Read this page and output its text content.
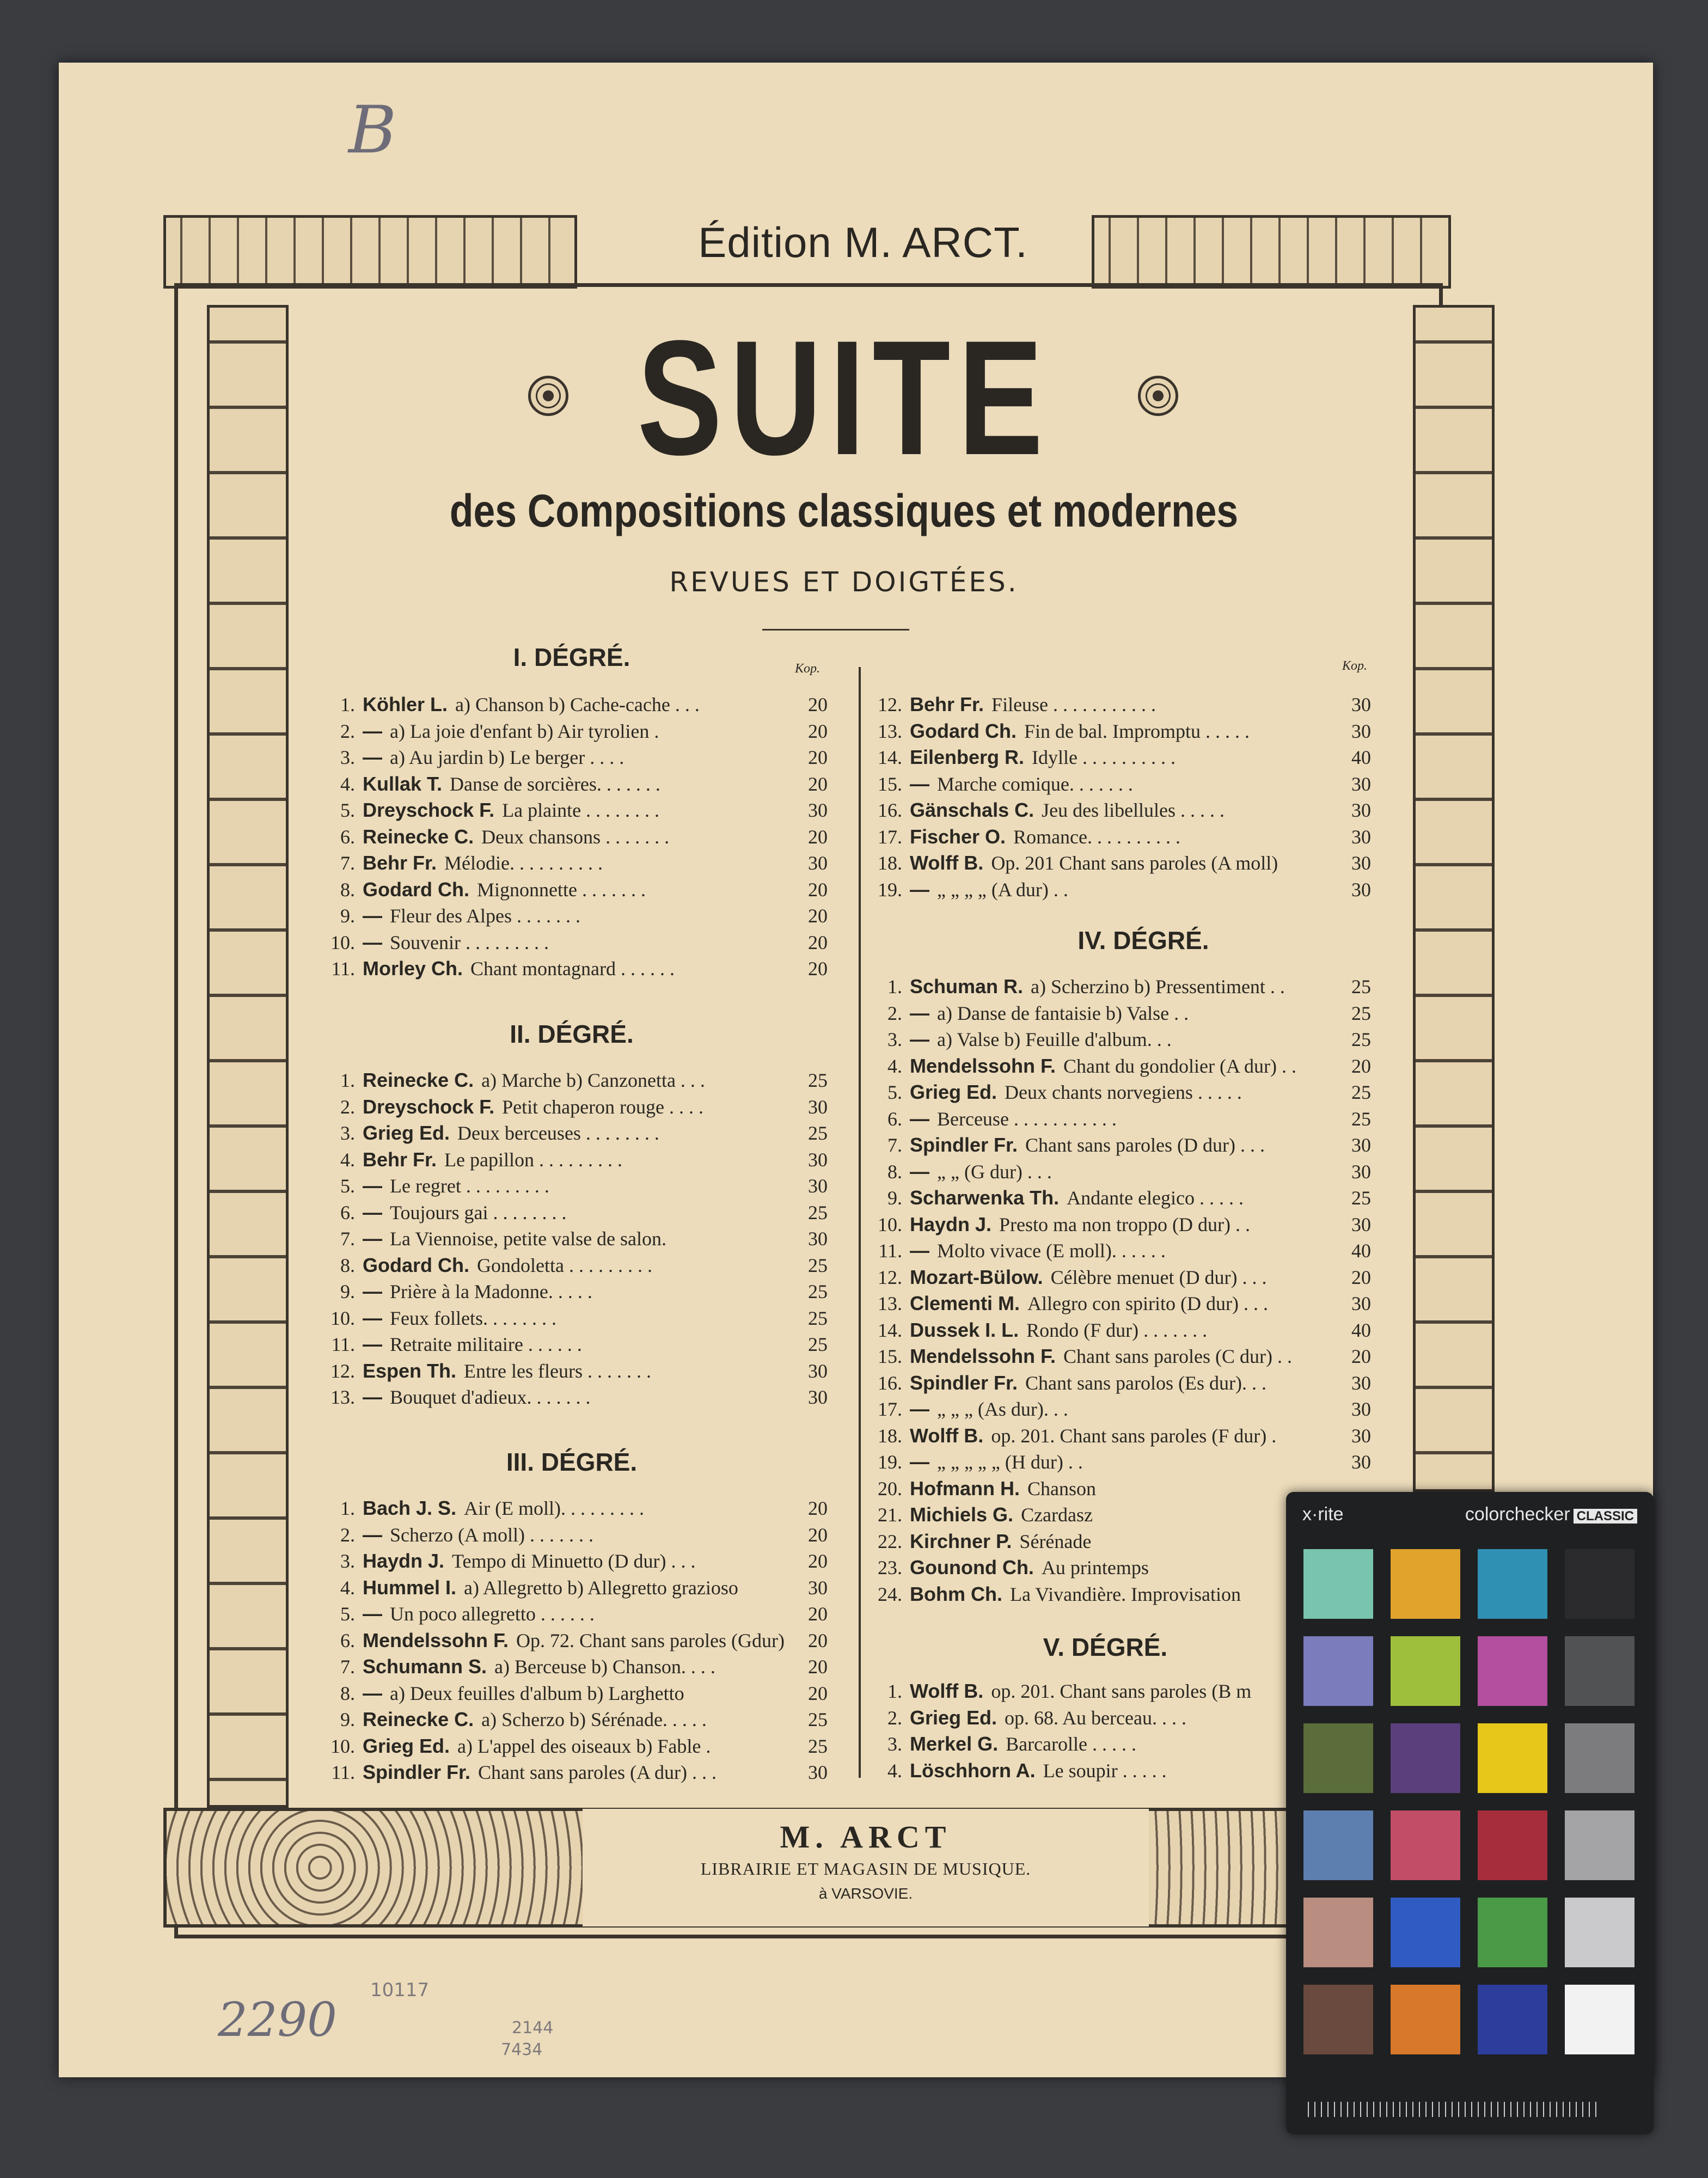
Édition M. ARCT.
SUITE
des Compositions classiques et modernes
REVUES ET DOIGTÉES.
I. DÉGRÉ.	Kop.
1. Köhler L. a) Chanson b) Cache-cache . . .	20
2. — a) La joie d'enfant b) Air tyrolien .	20
3. — a) Au jardin b) Le berger . . . .	20
4. Kullak T. Danse de sorcières. . . . . . .	20
5. Dreyschock F. La plainte . . . . . . . .	30
6. Reinecke C. Deux chansons . . . . . . .	20
7. Behr Fr. Mélodie. . . . . . . . . .	30
8. Godard Ch. Mignonnette . . . . . . .	20
9. — Fleur des Alpes . . . . . . .	20
10. — Souvenir . . . . . . . . .	20
11. Morley Ch. Chant montagnard . . . . . .	20
II. DÉGRÉ.
1. Reinecke C. a) Marche b) Canzonetta . . .	25
2. Dreyschock F. Petit chaperon rouge . . . .	30
3. Grieg Ed. Deux berceuses . . . . . . . .	25
4. Behr Fr. Le papillon . . . . . . . . .	30
5. — Le regret . . . . . . . . .	30
6. — Toujours gai . . . . . . . .	25
7. — La Viennoise, petite valse de salon.	30
8. Godard Ch. Gondoletta . . . . . . . . .	25
9. — Prière à la Madonne. . . . .	25
10. — Feux follets. . . . . . . .	25
11. — Retraite militaire . . . . . .	25
12. Espen Th. Entre les fleurs . . . . . . .	30
13. — Bouquet d'adieux. . . . . . .	30
III. DÉGRÉ.
1. Bach J. S. Air (E moll). . . . . . . . .	20
2. — Scherzo (A moll) . . . . . . .	20
3. Haydn J. Tempo di Minuetto (D dur) . . .	20
4. Hummel I. a) Allegretto b) Allegretto grazioso	30
5. — Un poco allegretto . . . . . .	20
6. Mendelssohn F. Op. 72. Chant sans paroles (Gdur) 20
7. Schumann S. a) Berceuse b) Chanson. . . .	20
8. — a) Deux feuilles d'album b) Larghetto	20
9. Reinecke C. a) Scherzo b) Sérénade. . . . .	25
10. Grieg Ed. a) L'appel des oiseaux b) Fable .	25
11. Spindler Fr. Chant sans paroles (A dur) . . .	30
Kop.
12. Behr Fr. Fileuse . . . . . . . . . . .	30
13. Godard Ch. Fin de bal. Impromptu . . . . .	30
14. Eilenberg R. Idylle . . . . . . . . . .	40
15. — Marche comique. . . . . . .	30
16. Gänschals C. Jeu des libellules . . . . .	30
17. Fischer O. Romance. . . . . . . . . .	30
18. Wolff B. Op. 201 Chant sans paroles (A moll)	30
19. — „ „ „ „ (A dur) . .	30
IV. DÉGRÉ.
1. Schuman R. a) Scherzino b) Pressentiment . .	25
2. — a) Danse de fantaisie b) Valse . .	25
3. — a) Valse b) Feuille d'album. . .	25
4. Mendelssohn F. Chant du gondolier (A dur) . .	20
5. Grieg Ed. Deux chants norvegiens . . . . .	25
6. — Berceuse . . . . . . . . . . .	25
7. Spindler Fr. Chant sans paroles (D dur) . . .	30
8. — „ „ (G dur) . . .	30
9. Scharwenka Th. Andante elegico . . . . .	25
10. Haydn J. Presto ma non troppo (D dur) . .	30
11. — Molto vivace (E moll). . . . . .	40
12. Mozart-Bülow. Célèbre menuet (D dur) . . .	20
13. Clementi M. Allegro con spirito (D dur) . . .	30
14. Dussek I. L. Rondo (F dur) . . . . . . .	40
15. Mendelssohn F. Chant sans paroles (C dur) . .	20
16. Spindler Fr. Chant sans parolos (Es dur). . .	30
17. — „ „ „ (As dur). . .	30
18. Wolff B. op. 201. Chant sans paroles (F dur) .	30
19. — „ „ „ „ „ (H dur) . .	30
20. Hofmann H. Chanson
21. Michiels G. Czardasz
22. Kirchner P. Sérénade
23. Gounond Ch. Au printemps
24. Bohm Ch. La Vivandière. Improvisation
V. DÉGRÉ.
1. Wolff B. op. 201. Chant sans paroles (B m
2. Grieg Ed. op. 68. Au berceau. . . .
3. Merkel G. Barcarolle . . . . .
4. Löschhorn A. Le soupir . . . . .
M. ARCT
LIBRAIRIE ET MAGASIN DE MUSIQUE.
à VARSOVIE.
B
2290
10117
2144
7434
x·rite	colorchecker CLASSIC
